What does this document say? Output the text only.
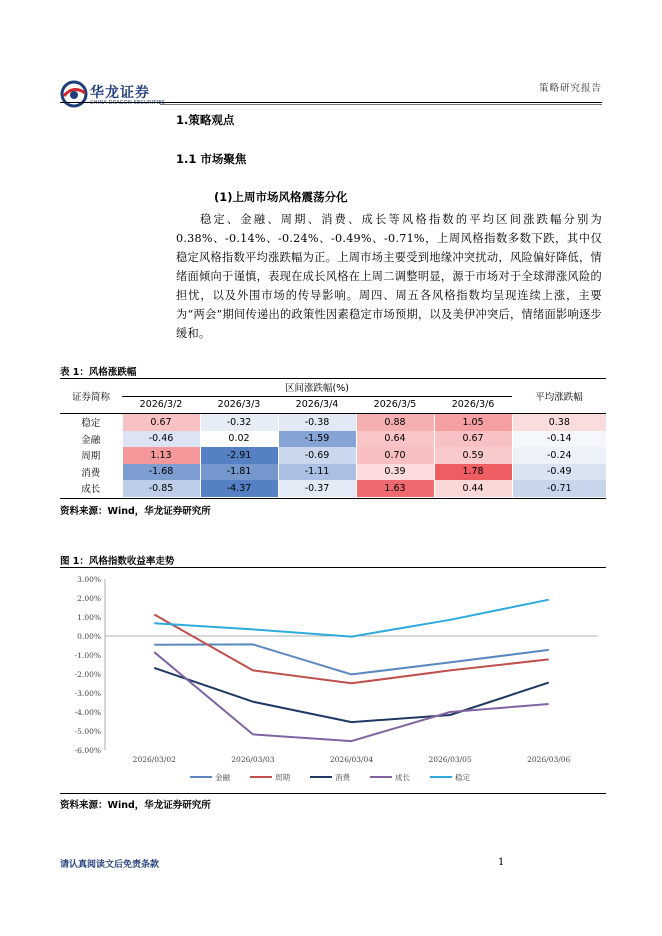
华龙证券
CHINA DRAGON SECURITIES
策略研究报告
1.策略观点
1.1 市场聚焦
(1)上周市场风格震荡分化
稳定、金融、周期、消费、成长等风格指数的平均区间涨跌幅分别为0.38%、-0.14%、-0.24%、-0.49%、-0.71%，上周风格指数多数下跌，其中仅稳定风格指数平均涨跌幅为正。上周市场主要受到地缘冲突扰动，风险偏好降低，情绪面倾向于谨慎，表现在成长风格在上周二调整明显，源于市场对于全球滞涨风险的担忧，以及外围市场的传导影响。周四、周五各风格指数均呈现连续上涨，主要为“两会”期间传递出的政策性因素稳定市场预期，以及美伊冲突后，情绪面影响逐步缓和。
表 1：风格涨跌幅
证券简称	区间涨跌幅(%)					平均涨跌幅
	2026/3/2	2026/3/3	2026/3/4	2026/3/5	2026/3/6	
稳定	0.67	-0.32	-0.38	0.88	1.05	0.38
金融	-0.46	0.02	-1.59	0.64	0.67	-0.14
周期	1.13	-2.91	-0.69	0.70	0.59	-0.24
消费	-1.68	-1.81	-1.11	0.39	1.78	-0.49
成长	-0.85	-4.37	-0.37	1.63	0.44	-0.71
资料来源：Wind，华龙证券研究所
图 1：风格指数收益率走势
3.00%
2.00%
1.00%
0.00%
-1.00%
-2.00%
-3.00%
-4.00%
-5.00%
-6.00%
2026/03/02	2026/03/03	2026/03/04	2026/03/05	2026/03/06
金融	周期	消费	成长	稳定
资料来源：Wind，华龙证券研究所
请认真阅读文后免责条款	1
